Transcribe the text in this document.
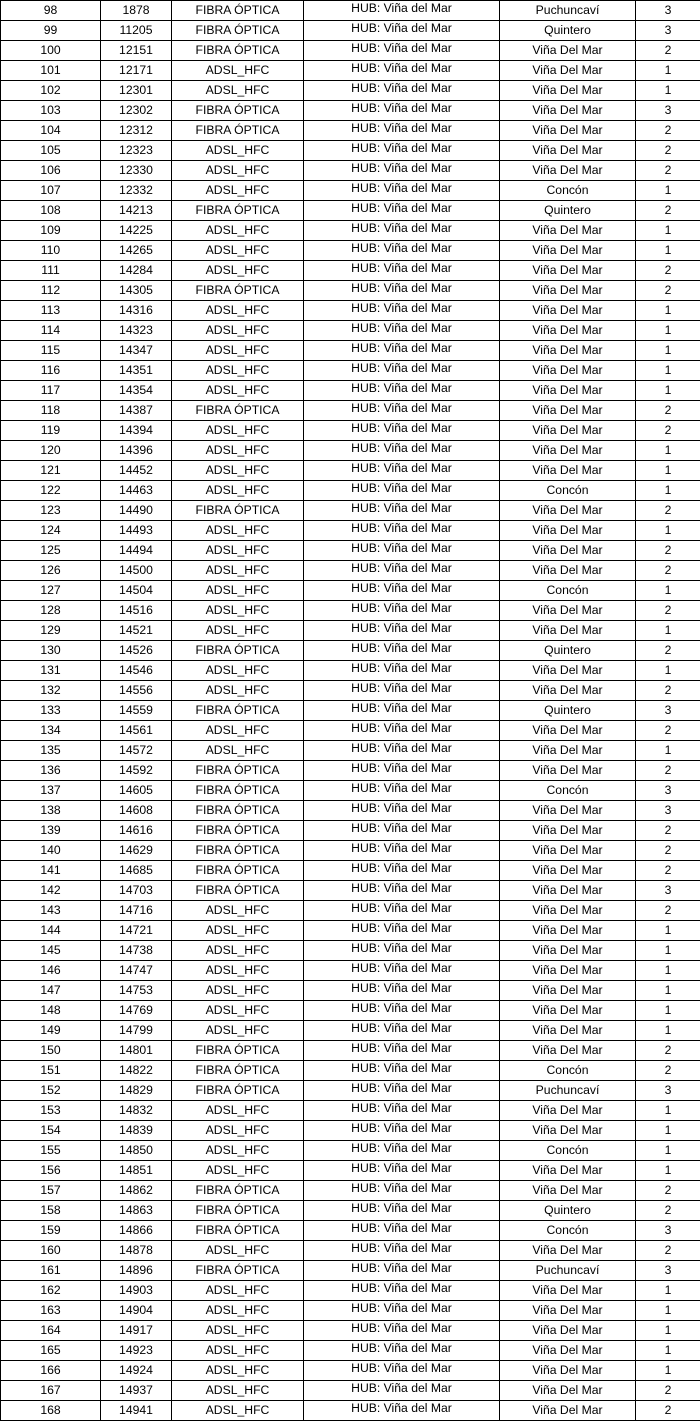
98	1878	FIBRA ÓPTICA	HUB: Viña del Mar	Puchuncaví	3
99	11205	FIBRA ÓPTICA	HUB: Viña del Mar	Quintero	3
100	12151	FIBRA ÓPTICA	HUB: Viña del Mar	Viña Del Mar	2
101	12171	ADSL_HFC	HUB: Viña del Mar	Viña Del Mar	1
102	12301	ADSL_HFC	HUB: Viña del Mar	Viña Del Mar	1
103	12302	FIBRA ÓPTICA	HUB: Viña del Mar	Viña Del Mar	3
104	12312	FIBRA ÓPTICA	HUB: Viña del Mar	Viña Del Mar	2
105	12323	ADSL_HFC	HUB: Viña del Mar	Viña Del Mar	2
106	12330	ADSL_HFC	HUB: Viña del Mar	Viña Del Mar	2
107	12332	ADSL_HFC	HUB: Viña del Mar	Concón	1
108	14213	FIBRA ÓPTICA	HUB: Viña del Mar	Quintero	2
109	14225	ADSL_HFC	HUB: Viña del Mar	Viña Del Mar	1
110	14265	ADSL_HFC	HUB: Viña del Mar	Viña Del Mar	1
111	14284	ADSL_HFC	HUB: Viña del Mar	Viña Del Mar	2
112	14305	FIBRA ÓPTICA	HUB: Viña del Mar	Viña Del Mar	2
113	14316	ADSL_HFC	HUB: Viña del Mar	Viña Del Mar	1
114	14323	ADSL_HFC	HUB: Viña del Mar	Viña Del Mar	1
115	14347	ADSL_HFC	HUB: Viña del Mar	Viña Del Mar	1
116	14351	ADSL_HFC	HUB: Viña del Mar	Viña Del Mar	1
117	14354	ADSL_HFC	HUB: Viña del Mar	Viña Del Mar	1
118	14387	FIBRA ÓPTICA	HUB: Viña del Mar	Viña Del Mar	2
119	14394	ADSL_HFC	HUB: Viña del Mar	Viña Del Mar	2
120	14396	ADSL_HFC	HUB: Viña del Mar	Viña Del Mar	1
121	14452	ADSL_HFC	HUB: Viña del Mar	Viña Del Mar	1
122	14463	ADSL_HFC	HUB: Viña del Mar	Concón	1
123	14490	FIBRA ÓPTICA	HUB: Viña del Mar	Viña Del Mar	2
124	14493	ADSL_HFC	HUB: Viña del Mar	Viña Del Mar	1
125	14494	ADSL_HFC	HUB: Viña del Mar	Viña Del Mar	2
126	14500	ADSL_HFC	HUB: Viña del Mar	Viña Del Mar	2
127	14504	ADSL_HFC	HUB: Viña del Mar	Concón	1
128	14516	ADSL_HFC	HUB: Viña del Mar	Viña Del Mar	2
129	14521	ADSL_HFC	HUB: Viña del Mar	Viña Del Mar	1
130	14526	FIBRA ÓPTICA	HUB: Viña del Mar	Quintero	2
131	14546	ADSL_HFC	HUB: Viña del Mar	Viña Del Mar	1
132	14556	ADSL_HFC	HUB: Viña del Mar	Viña Del Mar	2
133	14559	FIBRA ÓPTICA	HUB: Viña del Mar	Quintero	3
134	14561	ADSL_HFC	HUB: Viña del Mar	Viña Del Mar	2
135	14572	ADSL_HFC	HUB: Viña del Mar	Viña Del Mar	1
136	14592	FIBRA ÓPTICA	HUB: Viña del Mar	Viña Del Mar	2
137	14605	FIBRA ÓPTICA	HUB: Viña del Mar	Concón	3
138	14608	FIBRA ÓPTICA	HUB: Viña del Mar	Viña Del Mar	3
139	14616	FIBRA ÓPTICA	HUB: Viña del Mar	Viña Del Mar	2
140	14629	FIBRA ÓPTICA	HUB: Viña del Mar	Viña Del Mar	2
141	14685	FIBRA ÓPTICA	HUB: Viña del Mar	Viña Del Mar	2
142	14703	FIBRA ÓPTICA	HUB: Viña del Mar	Viña Del Mar	3
143	14716	ADSL_HFC	HUB: Viña del Mar	Viña Del Mar	2
144	14721	ADSL_HFC	HUB: Viña del Mar	Viña Del Mar	1
145	14738	ADSL_HFC	HUB: Viña del Mar	Viña Del Mar	1
146	14747	ADSL_HFC	HUB: Viña del Mar	Viña Del Mar	1
147	14753	ADSL_HFC	HUB: Viña del Mar	Viña Del Mar	1
148	14769	ADSL_HFC	HUB: Viña del Mar	Viña Del Mar	1
149	14799	ADSL_HFC	HUB: Viña del Mar	Viña Del Mar	1
150	14801	FIBRA ÓPTICA	HUB: Viña del Mar	Viña Del Mar	2
151	14822	FIBRA ÓPTICA	HUB: Viña del Mar	Concón	2
152	14829	FIBRA ÓPTICA	HUB: Viña del Mar	Puchuncaví	3
153	14832	ADSL_HFC	HUB: Viña del Mar	Viña Del Mar	1
154	14839	ADSL_HFC	HUB: Viña del Mar	Viña Del Mar	1
155	14850	ADSL_HFC	HUB: Viña del Mar	Concón	1
156	14851	ADSL_HFC	HUB: Viña del Mar	Viña Del Mar	1
157	14862	FIBRA ÓPTICA	HUB: Viña del Mar	Viña Del Mar	2
158	14863	FIBRA ÓPTICA	HUB: Viña del Mar	Quintero	2
159	14866	FIBRA ÓPTICA	HUB: Viña del Mar	Concón	3
160	14878	ADSL_HFC	HUB: Viña del Mar	Viña Del Mar	2
161	14896	FIBRA ÓPTICA	HUB: Viña del Mar	Puchuncaví	3
162	14903	ADSL_HFC	HUB: Viña del Mar	Viña Del Mar	1
163	14904	ADSL_HFC	HUB: Viña del Mar	Viña Del Mar	1
164	14917	ADSL_HFC	HUB: Viña del Mar	Viña Del Mar	1
165	14923	ADSL_HFC	HUB: Viña del Mar	Viña Del Mar	1
166	14924	ADSL_HFC	HUB: Viña del Mar	Viña Del Mar	1
167	14937	ADSL_HFC	HUB: Viña del Mar	Viña Del Mar	2
168	14941	ADSL_HFC	HUB: Viña del Mar	Viña Del Mar	2
